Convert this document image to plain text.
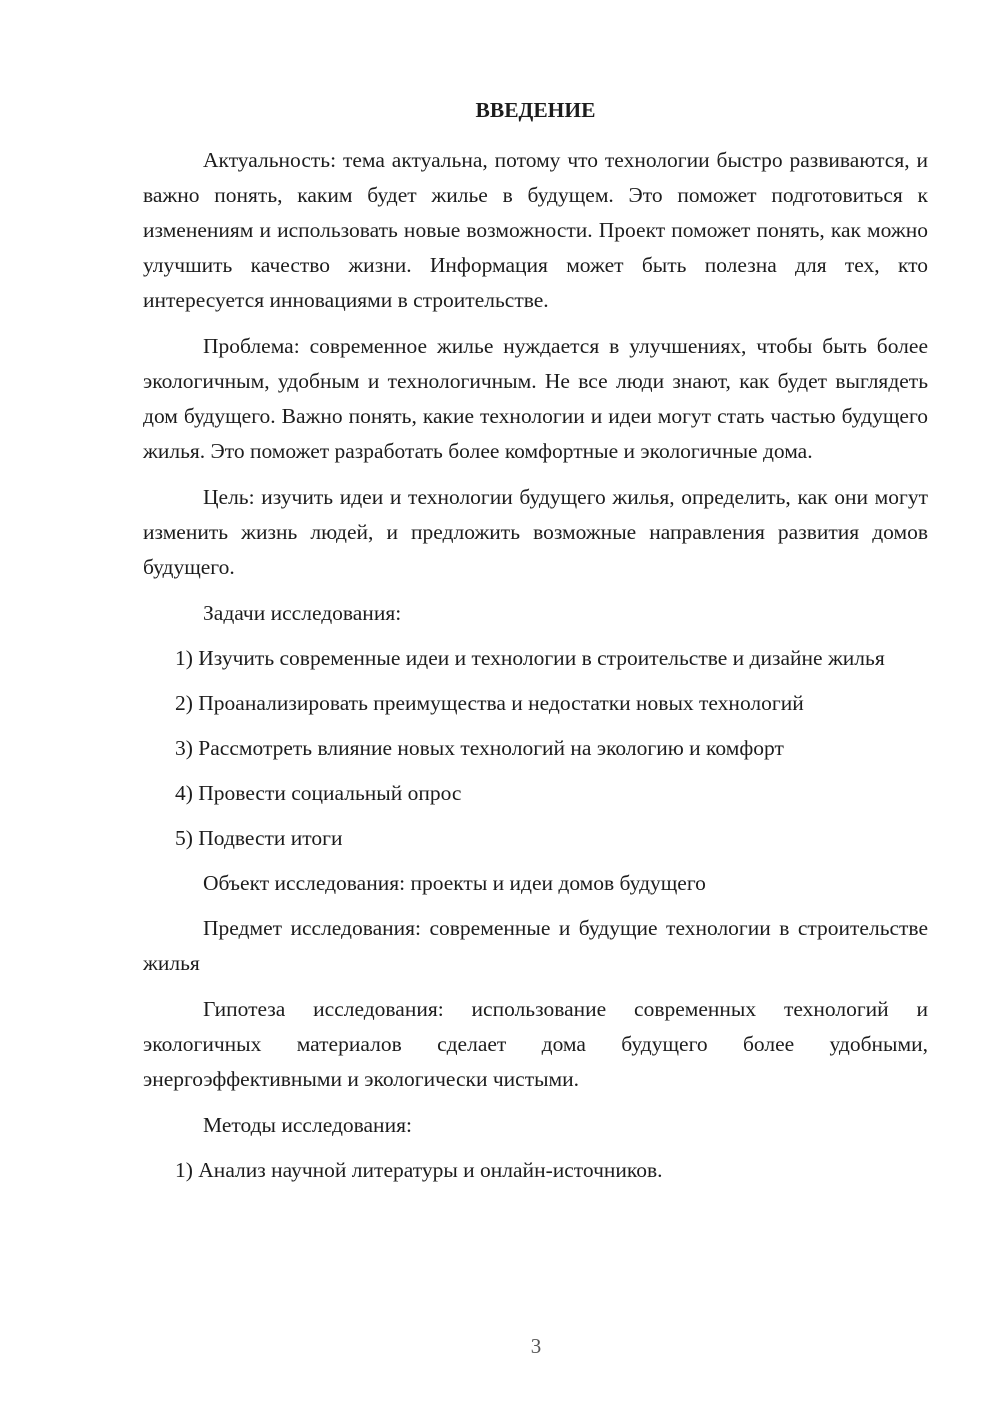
ВВЕДЕНИЕ

Актуальность: тема актуальна, потому что технологии быстро развиваются, и важно понять, каким будет жилье в будущем. Это поможет подготовиться к изменениям и использовать новые возможности. Проект поможет понять, как можно улучшить качество жизни. Информация может быть полезна для тех, кто интересуется инновациями в строительстве.

Проблема: современное жилье нуждается в улучшениях, чтобы быть более экологичным, удобным и технологичным. Не все люди знают, как будет выглядеть дом будущего. Важно понять, какие технологии и идеи могут стать частью будущего жилья. Это поможет разработать более комфортные и экологичные дома.

Цель: изучить идеи и технологии будущего жилья, определить, как они могут изменить жизнь людей, и предложить возможные направления развития домов будущего.

Задачи исследования:

1) Изучить современные идеи и технологии в строительстве и дизайне жилья

2) Проанализировать преимущества и недостатки новых технологий

3) Рассмотреть влияние новых технологий на экологию и комфорт

4) Провести социальный опрос

5) Подвести итоги

Объект исследования: проекты и идеи домов будущего

Предмет исследования: современные и будущие технологии в строительстве жилья

Гипотеза исследования: использование современных технологий и экологичных материалов сделает дома будущего более удобными, энергоэффективными и экологически чистыми.

Методы исследования:

1) Анализ научной литературы и онлайн-источников.

3
